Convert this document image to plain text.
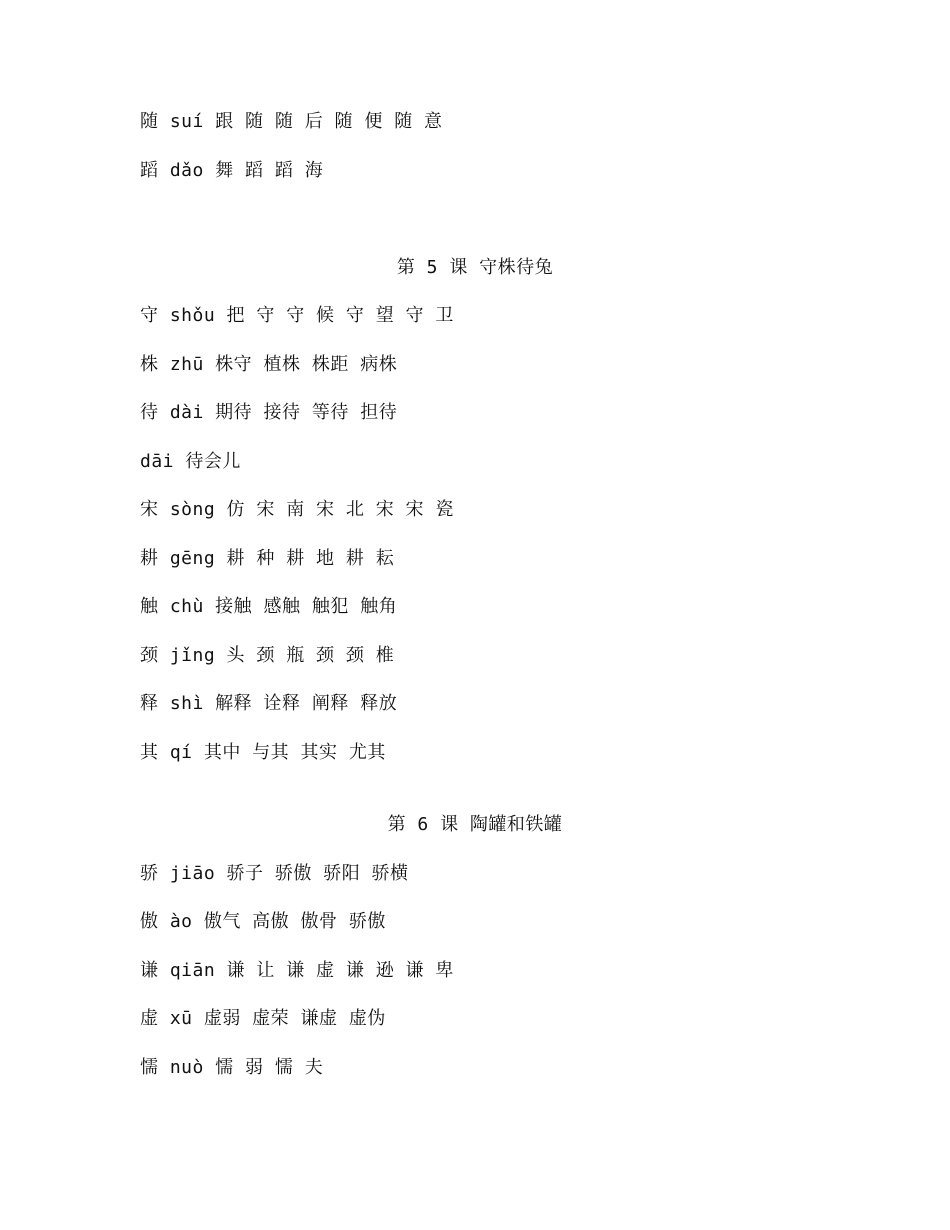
随 suí 跟 随 随 后 随 便 随 意
蹈 dǎo 舞 蹈 蹈 海
第 5 课 守株待兔
守 shǒu 把 守 守 候 守 望 守 卫
株 zhū 株守 植株 株距 病株
待 dài 期待 接待 等待 担待
dāi 待会儿
宋 sòng 仿 宋 南 宋 北 宋 宋 瓷
耕 gēng 耕 种 耕 地 耕 耘
触 chù 接触 感触 触犯 触角
颈 jǐng 头 颈 瓶 颈 颈 椎
释 shì 解释 诠释 阐释 释放
其 qí 其中 与其 其实 尤其
第 6 课 陶罐和铁罐
骄 jiāo 骄子 骄傲 骄阳 骄横
傲 ào 傲气 高傲 傲骨 骄傲
谦 qiān 谦 让 谦 虚 谦 逊 谦 卑
虚 xū 虚弱 虚荣 谦虚 虚伪
懦 nuò 懦 弱 懦 夫
